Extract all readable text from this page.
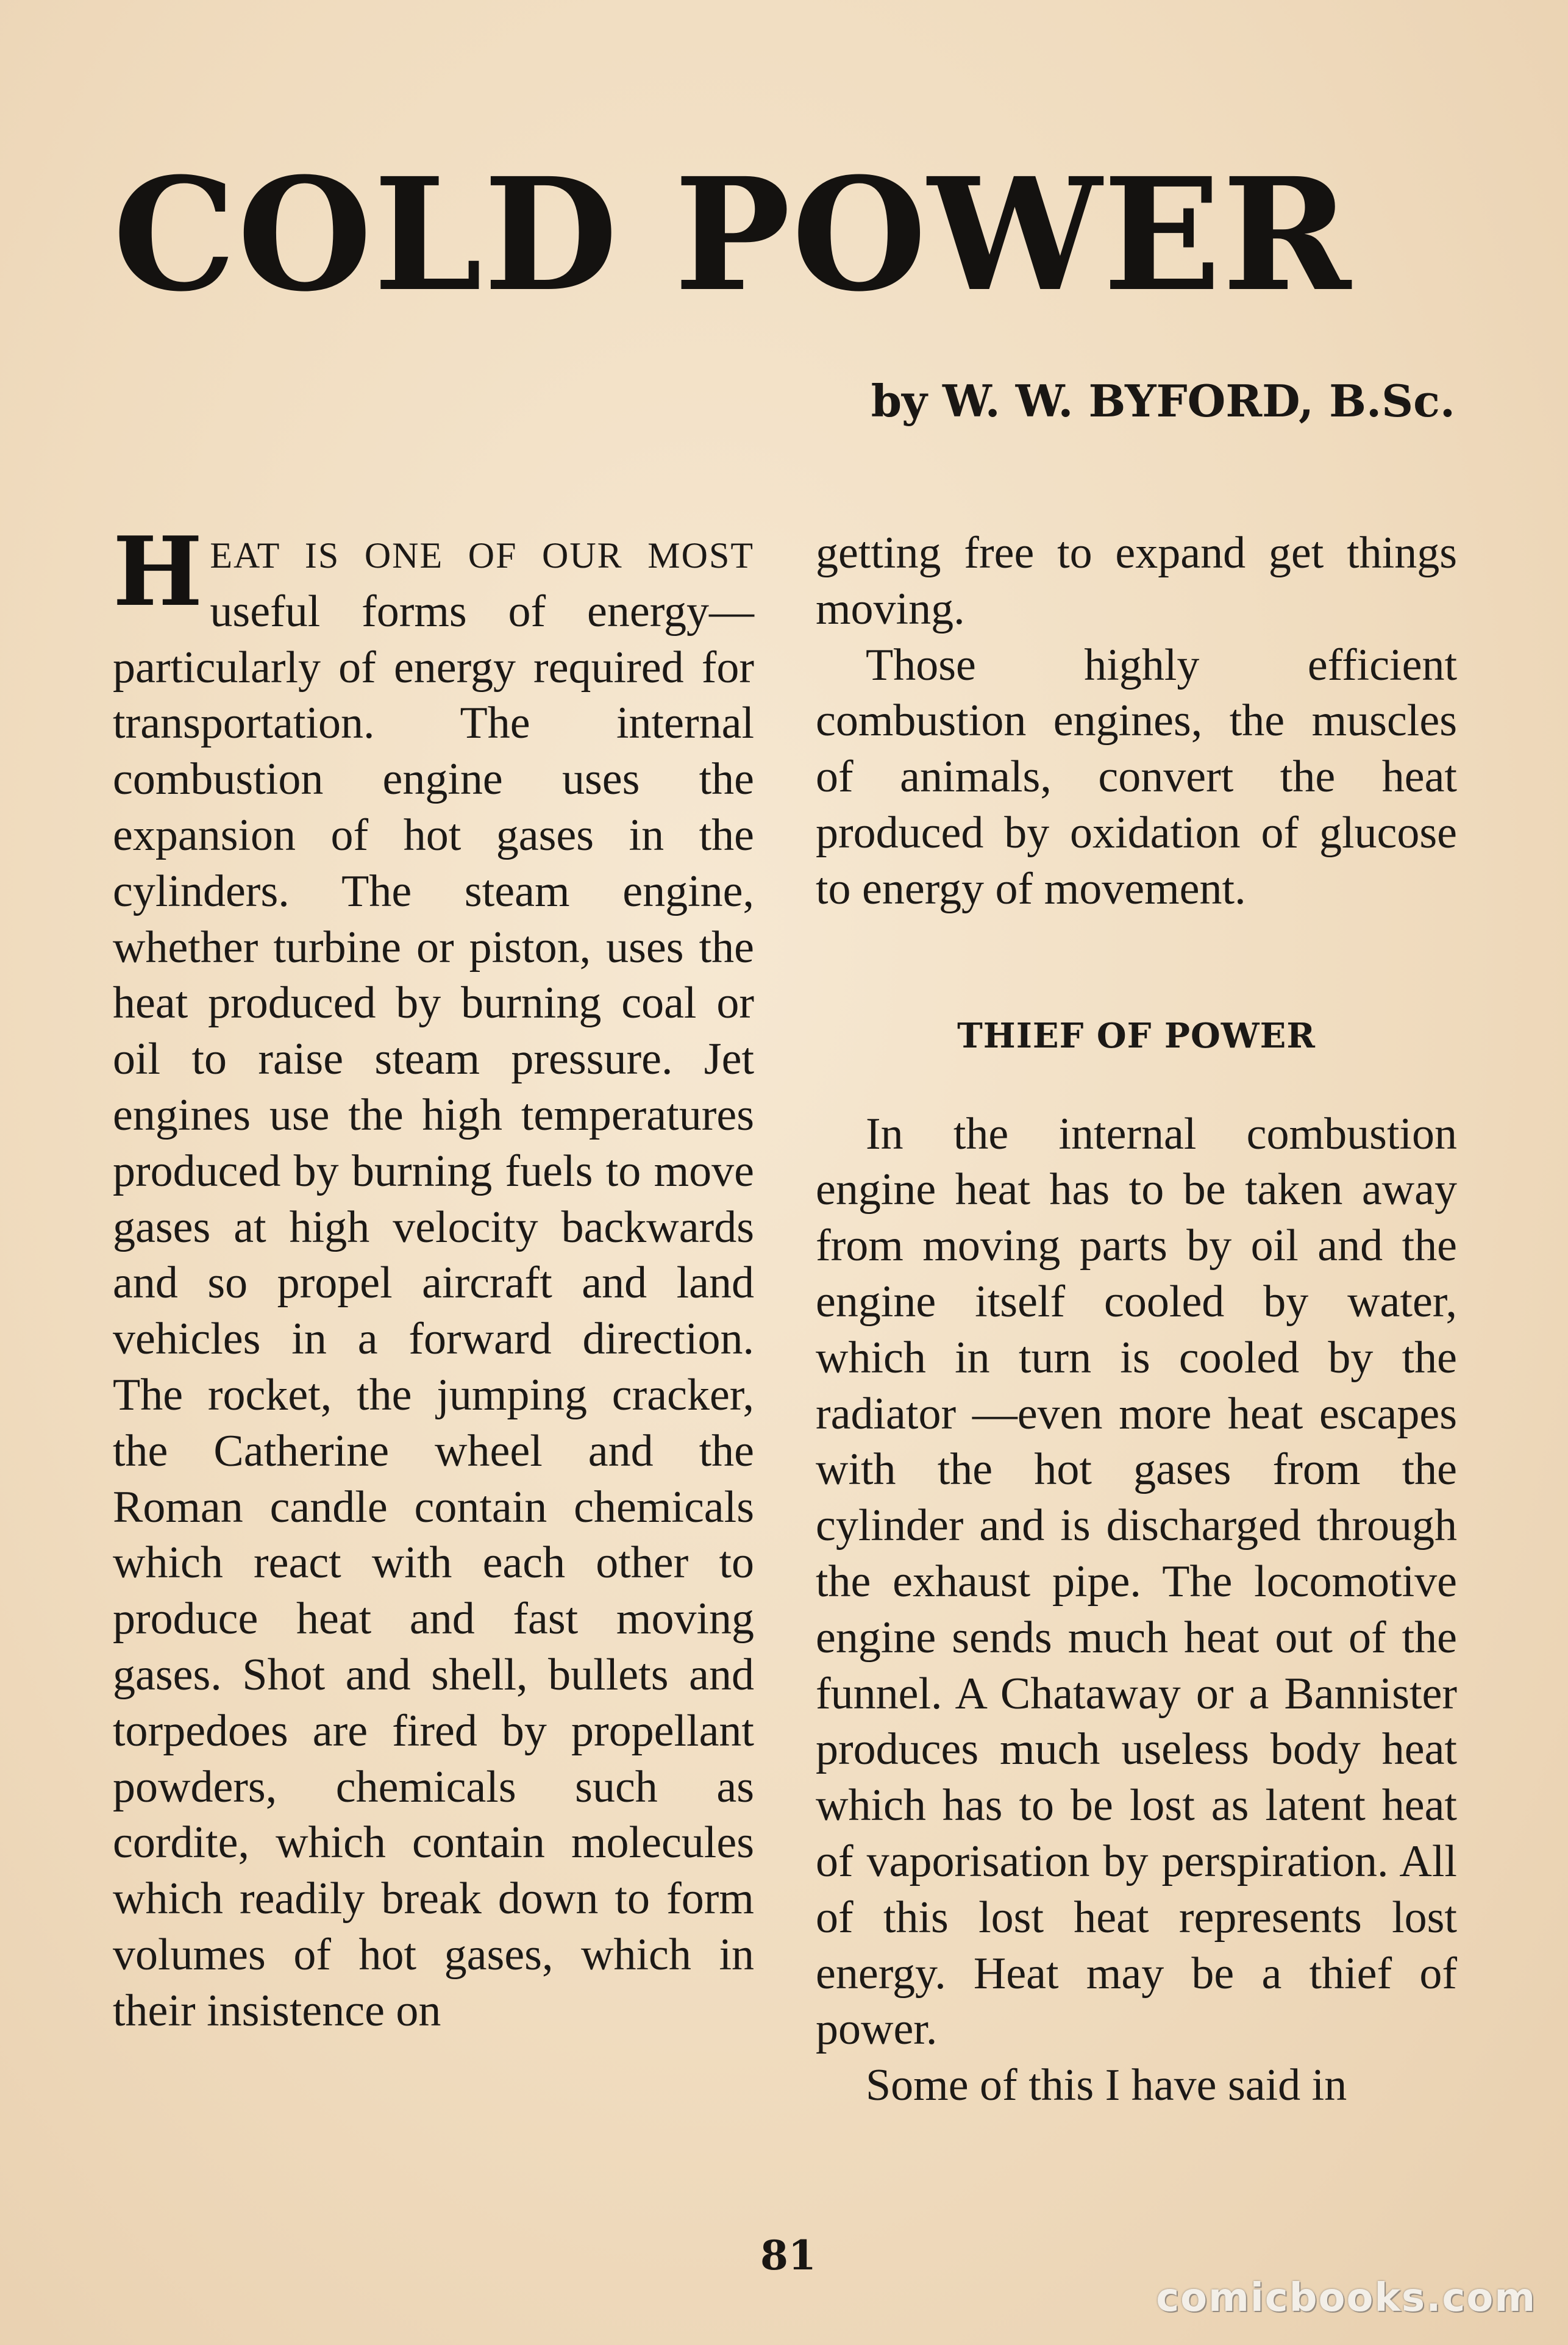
COLD POWER
by W. W. BYFORD, B.Sc.

HEAT IS ONE OF OUR MOST useful forms of energy—particularly of energy required for transportation. The internal combustion engine uses the expansion of hot gases in the cylinders. The steam engine, whether turbine or piston, uses the heat produced by burning coal or oil to raise steam pressure. Jet engines use the high temperatures produced by burning fuels to move gases at high velocity backwards and so propel aircraft and land vehicles in a forward direction. The rocket, the jumping cracker, the Catherine wheel and the Roman candle contain chemicals which react with each other to produce heat and fast moving gases. Shot and shell, bullets and torpedoes are fired by propellant powders, chemicals such as cordite, which contain molecules which readily break down to form volumes of hot gases, which in their insistence on

getting free to expand get things moving.

Those highly efficient combustion engines, the muscles of animals, convert the heat produced by oxidation of glucose to energy of movement.

THIEF OF POWER

In the internal combustion engine heat has to be taken away from moving parts by oil and the engine itself cooled by water, which in turn is cooled by the radiator —even more heat escapes with the hot gases from the cylinder and is discharged through the exhaust pipe. The locomotive engine sends much heat out of the funnel. A Chataway or a Bannister produces much useless body heat which has to be lost as latent heat of vaporisation by perspiration. All of this lost heat represents lost energy. Heat may be a thief of power.

Some of this I have said in

81
comicbooks.com
